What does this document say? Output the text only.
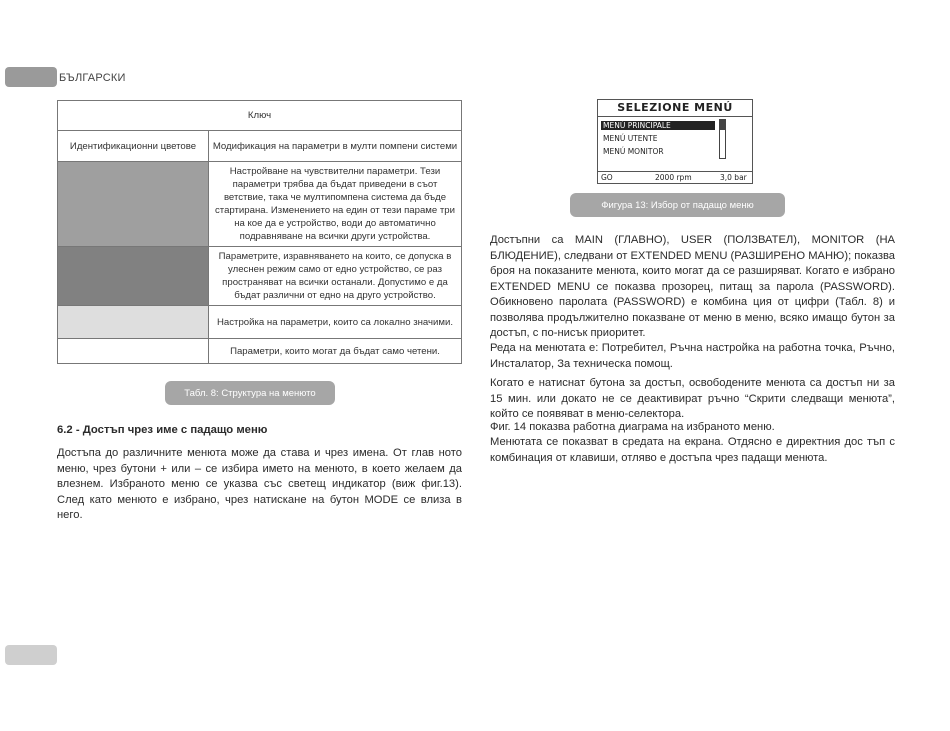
БЪЛГАРСКИ
Ключ	
Идентификационни цветове	Модификация на параметри в мулти помпени системи
	Настройване на чувствителни параметри. Тези параметри трябва да бъдат приведени в съот ветствие, така че мултипомпена система да бъде стартирана. Изменението на един от тези параме три на кое да е устройство, води до автоматично подравняване на всички други устройства.
	Параметрите, изравняването на които, се допуска в улеснен режим само от едно устройство, се раз пространяват на всички останали. Допустимо е да бъдат различни от едно на друго устройство.
	Настройка на параметри, които са локално значими.
	Параметри, които могат да бъдат само четени.
Табл. 8: Структура на менюто
6.2 - Достъп чрез име с падащо меню

Достъпа до различните менюта може да става и чрез имена. От глав ното меню, чрез бутони + или – се избира името на менюто, в което желаем да влезнем. Избраното меню се указва със светещ индикатор (виж фиг.13). След като менюто е избрано, чрез натискане на бутон MODE се влиза в него.

SELEZIONE MENÚ
MENÚ PRINCIPALE
MENÚ UTENTE
MENÚ MONITOR
GO	2000 rpm	3,0 bar
Фигура 13: Избор от падащо меню

Достъпни са MAIN (ГЛАВНО), USER (ПОЛЗВАТЕЛ), MONITOR (НА БЛЮДЕНИЕ), следвани от EXTENDED MENU (РАЗШИРЕНО МАНЮ); показва броя на показаните менюта, които могат да се разширяват. Когато е избрано EXTENDED MENU се показва прозорец, питащ за парола (PASSWORD). Обикновено паролата (PASSWORD) е комбина ция от цифри (Табл. 8) и позволява продължително показване от меню в меню, всяко имащо бутон за достъп, с по-нисък приоритет.

Реда на менютата е: Потребител, Ръчна настройка на работна точка, Ръчно, Инсталатор, За техническа помощ.

Когато е натиснат бутона за достъп, освободените менюта са достъп ни за 15 мин. или докато не се деактивират ръчно “Скрити следващи менюта”, който се появяват в меню-селектора.

Фиг. 14 показва работна диаграма на избраното меню.

Менютата се показват в средата на екрана. Отдясно е директния дос тъп с комбинация от клавиши, отляво е достъпа чрез падащи менюта.
